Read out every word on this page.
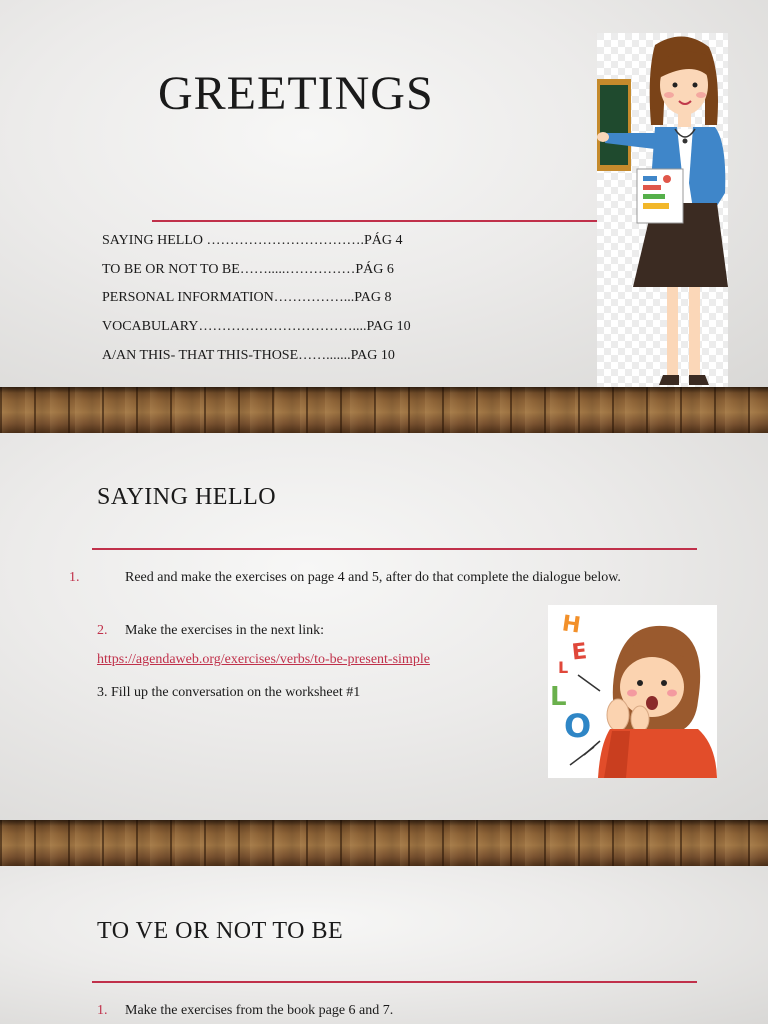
GREETINGS
SAYING HELLO …………………………….PÁG 4
TO BE OR NOT TO BE…….....……………PÁG 6
PERSONAL INFORMATION……………...PAG 8
VOCABULARY……………………………....PAG 10
A/AN THIS- THAT THIS-THOSE…….......PAG 10
SAYING HELLO
1.	Reed and make the exercises on page 4 and 5, after do that complete the dialogue below.
2. Make the exercises in the next link:
https://agendaweb.org/exercises/verbs/to-be-present-simple
3. Fill up the conversation on the worksheet #1
H
E
L
L
O
TO VE OR NOT TO BE
1. Make the exercises from the book page 6 and 7.
